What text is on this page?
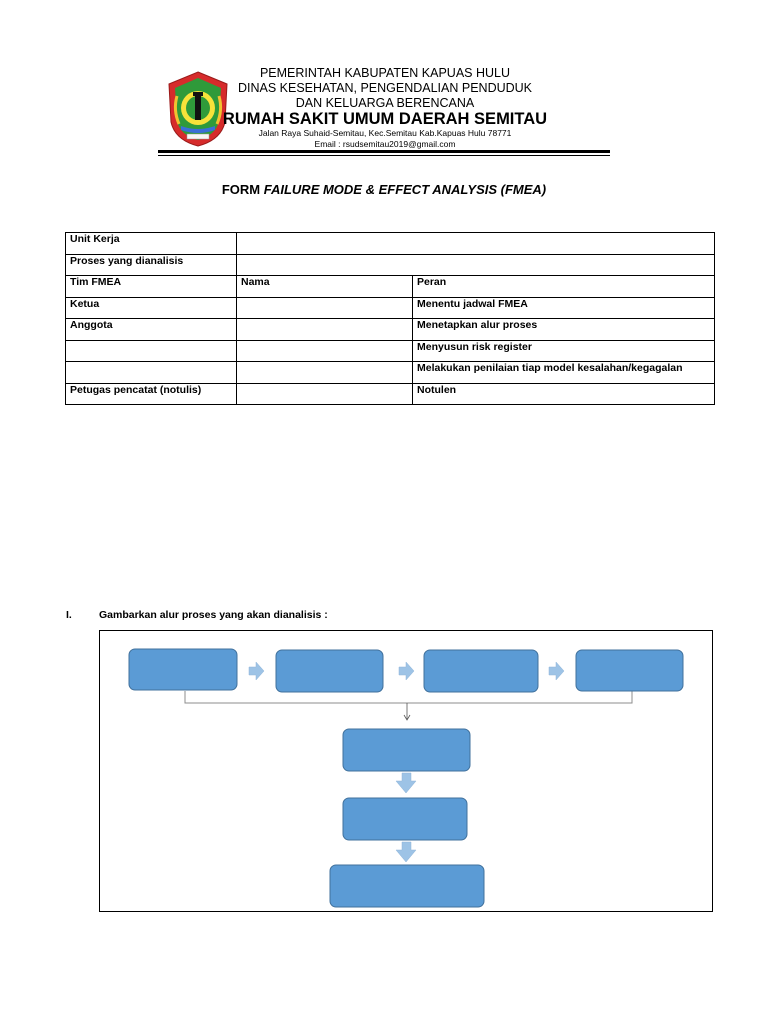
PEMERINTAH KABUPATEN KAPUAS HULU
DINAS KESEHATAN, PENGENDALIAN PENDUDUK
DAN KELUARGA BERENCANA
RUMAH SAKIT UMUM DAERAH SEMITAU
Jalan Raya Suhaid-Semitau, Kec.Semitau Kab.Kapuas Hulu 78771
Email : rsudsemitau2019@gmail.com
FORM FAILURE MODE & EFFECT ANALYSIS (FMEA)
Unit Kerja		
Proses yang dianalisis		
Tim FMEA	Nama	Peran
Ketua		Menentu jadwal FMEA
Anggota		Menetapkan alur proses
		Menyusun risk register
		Melakukan penilaian tiap model kesalahan/kegagalan
Petugas pencatat (notulis)		Notulen
I.	Gambarkan alur proses yang akan dianalisis :
